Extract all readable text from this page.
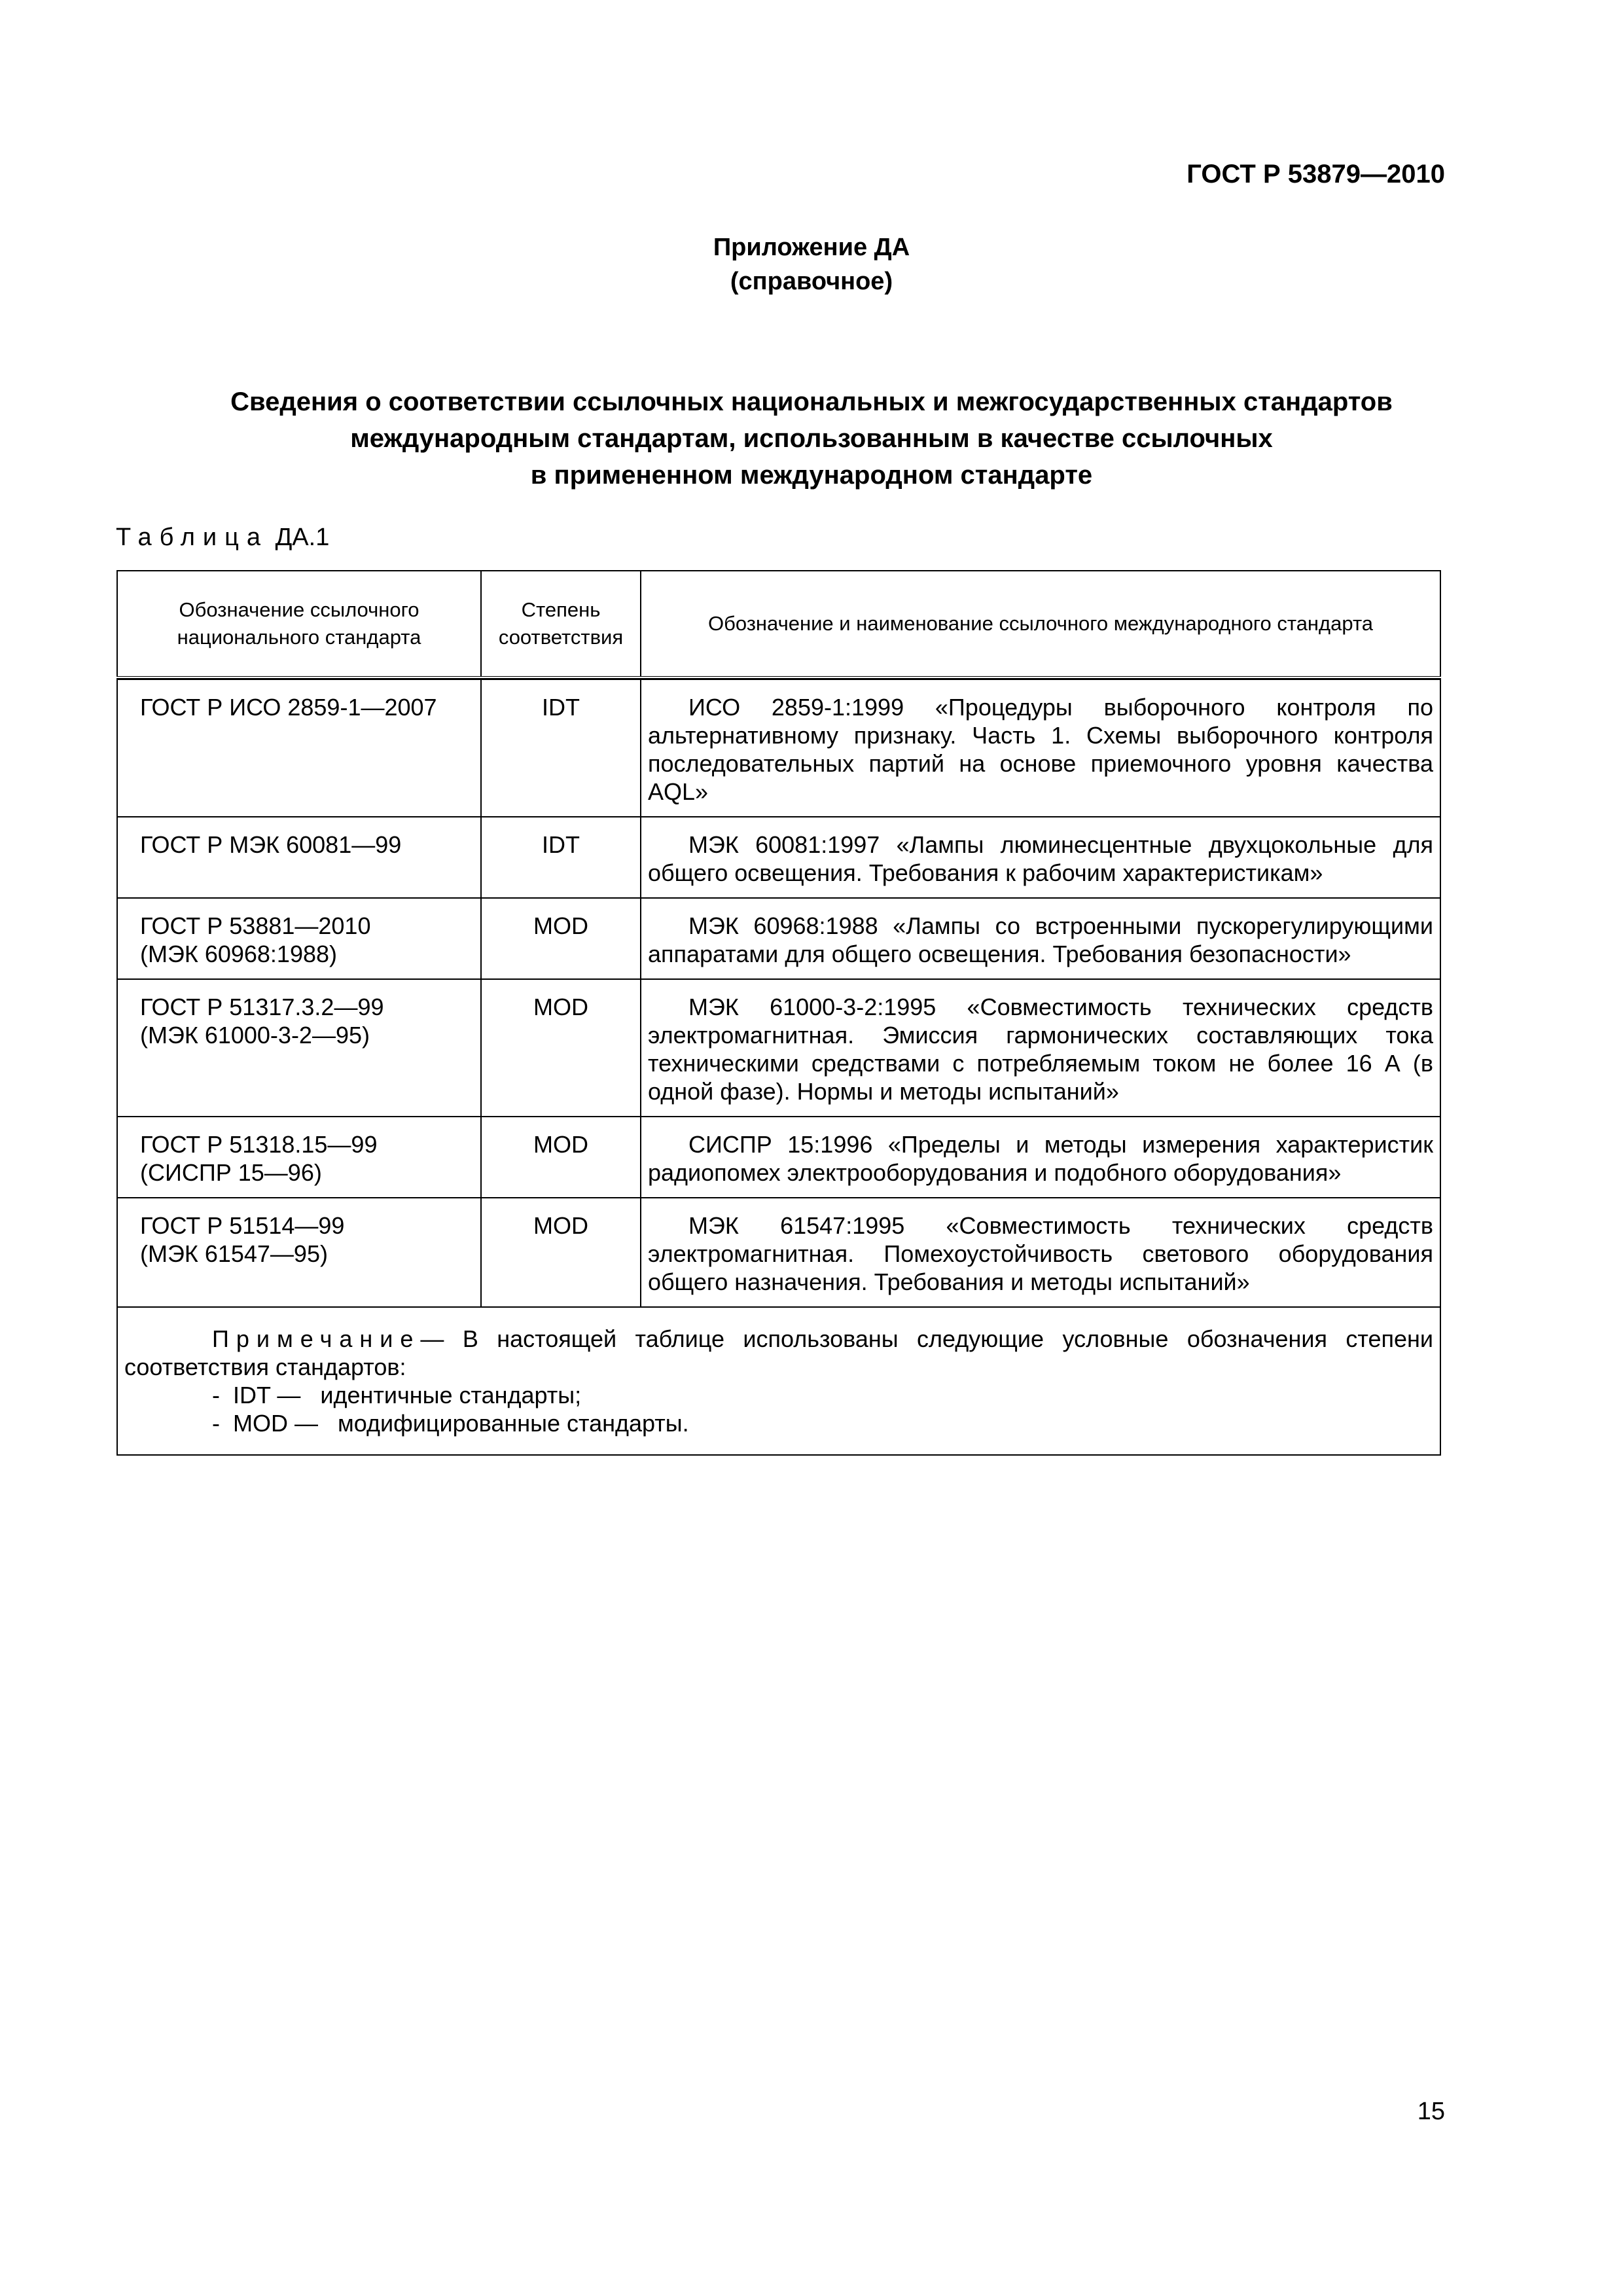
ГОСТ Р 53879—2010
Приложение ДА
(справочное)
Сведения о соответствии ссылочных национальных и межгосударственных стандартов
международным стандартам, использованным в качестве ссылочных
в примененном международном стандарте
Таблица ДА.1
Обозначение ссылочного национального стандарта	Степень соответствия	Обозначение и наименование ссылочного международного стандарта

ГОСТ Р ИСО 2859-1—2007	IDT	ИСО 2859-1:1999 «Процедуры выборочного контроля по альтернативному признаку. Часть 1. Схемы выборочного контроля последовательных партий на основе приемочного уровня качества AQL»

ГОСТ Р МЭК 60081—99	IDT	МЭК 60081:1997 «Лампы люминесцентные двухцокольные для общего освещения. Требования к рабочим характеристикам»

ГОСТ Р 53881—2010
(МЭК 60968:1988)	MOD	МЭК 60968:1988 «Лампы со встроенными пускорегулирующими аппаратами для общего освещения. Требования безопасности»

ГОСТ Р 51317.3.2—99
(МЭК 61000-3-2—95)	MOD	МЭК 61000-3-2:1995 «Совместимость технических средств электромагнитная. Эмиссия гармонических составляющих тока техническими средствами с потребляемым током не более 16 А (в одной фазе). Нормы и методы испытаний»

ГОСТ Р 51318.15—99
(СИСПР 15—96)	MOD	СИСПР 15:1996 «Пределы и методы измерения характеристик радиопомех электрооборудования и подобного оборудования»

ГОСТ Р 51514—99
(МЭК 61547—95)	MOD	МЭК 61547:1995 «Совместимость технических средств электромагнитная. Помехоустойчивость светового оборудования общего назначения. Требования и методы испытаний»

Примечание— В настоящей таблице использованы следующие условные обозначения степени соответствия стандартов:
-  IDT —   идентичные стандарты;
-  MOD —   модифицированные стандарты.		
15
